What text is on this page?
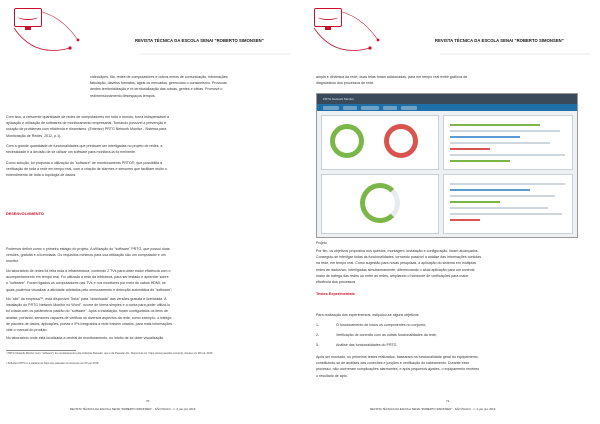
REVISTA TÉCNICA DA ESCOLA SENAI "ROBERTO SIMONSEN"
vídeoclipes, fila, redes de computadores e outros meios de comunicação, informações
fabulação, dáveiss formatos, ágeis os mercados, gerenciam o consumismo. Provocas
dentes territorialização e ré-territorialização das coisas, gentes e ideias. Promove o
redimensionamento desespaços tempos.
Com isso, a crescente quantidade de redes de computadores em todo o mundo, torna indispensável a
aplicação e utilização de softwares de monitoramento empresarial. Tornando possível a prevenção e
solução de problemas com eficiência e dinamismo. (Entenez) PRTG Network Monitor - Sistema para
Monitoração de Redes, 2012, p.1).
Com a grande quantidade de funcionalidades que precisam ser interligadas no projeto de redes, a
necessidade e a decisão de se utilizar um software para monitorá-la foi eminente.
Como solução, foi proposta a utilização do "software" de monitoramento PRTG®, que possibilita a
verificação de toda a rede em tempo real, com a criação de alarmes e sensores que facilitam muito o
entendimento de toda a topologia de dados.
DESENVOLVIMENTO
Podemos definir como o primeiro estágio do projeto. A utilização do "software" PRTG, que possui duas
versões, gratuita e a licenciada. Os requisitos mínimos para sua utilização são um computador e um
monitor.
No laboratório de redes foi feita toda a infraestrutura, contendo 2 TVs para obter maior eficiência com o
acompanhamento em tempo real. Foi utilizada a rede da biblioteca, para ser testado e aprender sobre
o "software". Foram ligados os computadores nas TVs e nos monitores por meio de cabos HDMI, os
quais podemos visualizar a atividade adotados pelo sensoramento e detecção automática do "software".
No "site" da empresa™, está disponível "links" para "downloads" das versões gratuita e licenciada. A
instalação do PRTG Network Monitor no Word", ocorre de forma simples e a conta para poder utilizá-lo
foi criada com os parâmetros padrão do "software". Após a instalação, foram configurados os itens de
análise, portanto, sensores capazes de verificar os diversos aspectos da rede, como exemplo, o tráfego
de pacotes de dados, aplicações, portas e IPs integrados à rede fossem criados, para mais informações
vide o manual do produto.
No laboratório onde está localizada a central de monitoramento, no intuito de se obter visualização
¹ PRTG Network Monitor (com "software") de monitoramento pela Indústria Paessler, que é da Paessler AG. Disponível em: https://www.paessler.com/prtg. Acesso em 08 out. 2019.
² Software PRTG é a plataforma https://go.paessler.com/Acesso em 05 out 2019.
70
REVISTA TÉCNICA DA ESCOLA SENAI "ROBERTO SIMONSEN" - SÃO PAULO - n. 3, jan./jul. 2019
REVISTA TÉCNICA DA ESCOLA SENAI "ROBERTO SIMONSEN"
ampla e dinâmica da rede, duas telas foram adicionadas, para em tempo real exibir gráficos de
diagnósticos dos processos de rede.
PRTG Network Monitor
Projeto
Por fim, os objetivos propostos nos questos, montagem, instalação e configuração, foram alcançados.
Conseguiu-se interligar todas as funcionalidades, tornando possível a análise das informações contidas
na rede, em tempo real. Como sugestão para novas pesquisas, a aplicação do sistema em múltiplas
redes de dados/wo, interligadas simultaneamente, diferenciando o atual aplicação para um controle
maior de tráfego das redes ou entre as redes, ampliando o horizonte de verificações para maior
eficiência dos processos.
Testes Experimentais
Para realização dos experimentos, estipulou-se alguns objetivos:
1-	O funcionamento de todos os componentes no conjunto;
2-	Verificação de conexão com as outras funcionalidades da rede;
3-	Análise das funcionalidades do PRTG.
Após ser montado, os primeiros testes realizados, basearam na funcionalidade geral do equipamento,
constituindo-se de análises das conexões e junções e verificação do cabeamento. Durante esse
processo, não ocorreram complicações alarmantes, e após pequenos ajustes, o equipamento recebeu
o resultado de apto.
71
REVISTA TÉCNICA DA ESCOLA SENAI "ROBERTO SIMONSEN" - SÃO PAULO - n. 3, jan./jul. 2019
